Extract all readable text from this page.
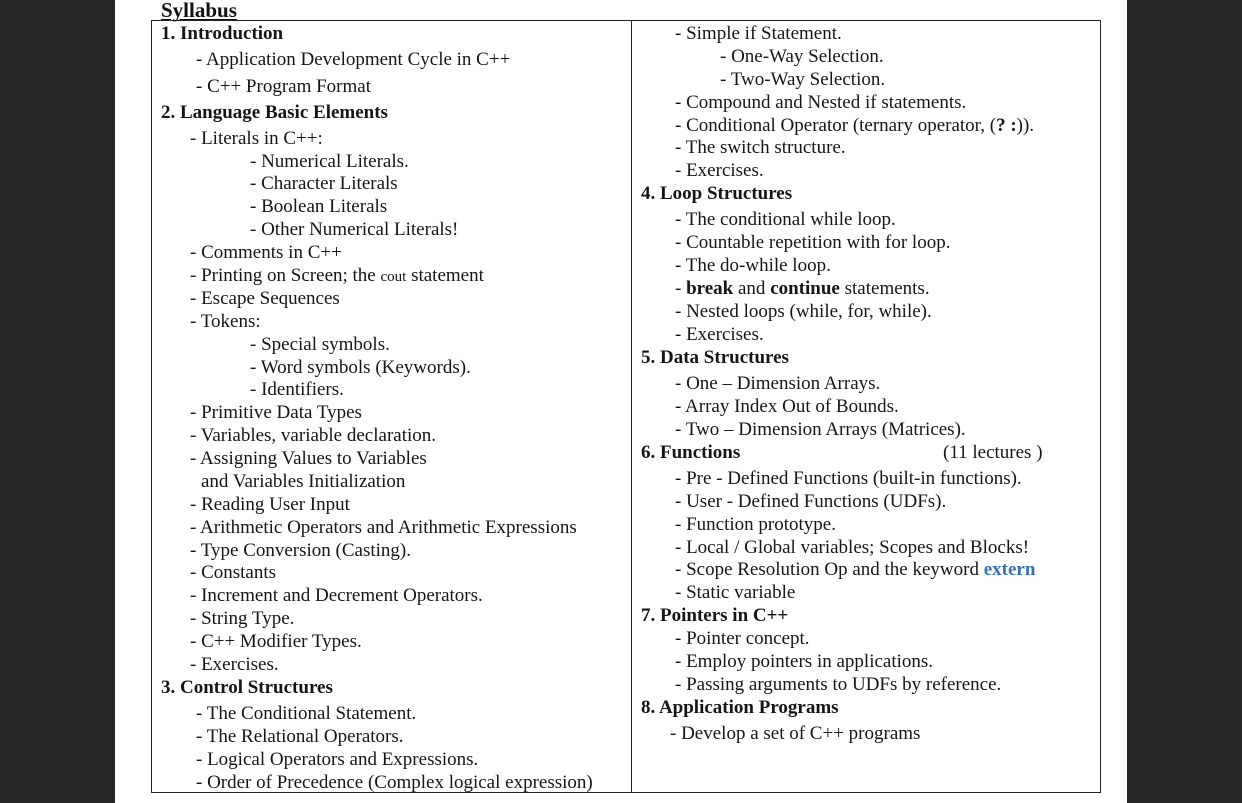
Syllabus
1. Introduction
- Application Development Cycle in C++
- C++ Program Format
2. Language Basic Elements
- Literals in C++:
- Numerical Literals.
- Character Literals
- Boolean Literals
- Other Numerical Literals!
- Comments in C++
- Printing on Screen; the cout statement
- Escape Sequences
- Tokens:
- Special symbols.
- Word symbols (Keywords).
- Identifiers.
- Primitive Data Types
- Variables, variable declaration.
- Assigning Values to Variables
and Variables Initialization
- Reading User Input
- Arithmetic Operators and Arithmetic Expressions
- Type Conversion (Casting).
- Constants
- Increment and Decrement Operators.
- String Type.
- C++ Modifier Types.
- Exercises.
3. Control Structures
- The Conditional Statement.
- The Relational Operators.
- Logical Operators and Expressions.
- Order of Precedence (Complex logical expression)
- Simple if Statement.
- One-Way Selection.
- Two-Way Selection.
- Compound and Nested if statements.
- Conditional Operator (ternary operator, (? :)).
- The switch structure.
- Exercises.
4. Loop Structures
- The conditional while loop.
- Countable repetition with for loop.
- The do-while loop.
- break and continue statements.
- Nested loops (while, for, while).
- Exercises.
5. Data Structures
- One – Dimension Arrays.
- Array Index Out of Bounds.
- Two – Dimension Arrays (Matrices).
6. Functions	(11 lectures )
- Pre - Defined Functions (built-in functions).
- User - Defined Functions (UDFs).
- Function prototype.
- Local / Global variables; Scopes and Blocks!
- Scope Resolution Op and the keyword extern
- Static variable
7. Pointers in C++
- Pointer concept.
- Employ pointers in applications.
- Passing arguments to UDFs by reference.
8. Application Programs
- Develop a set of C++ programs
